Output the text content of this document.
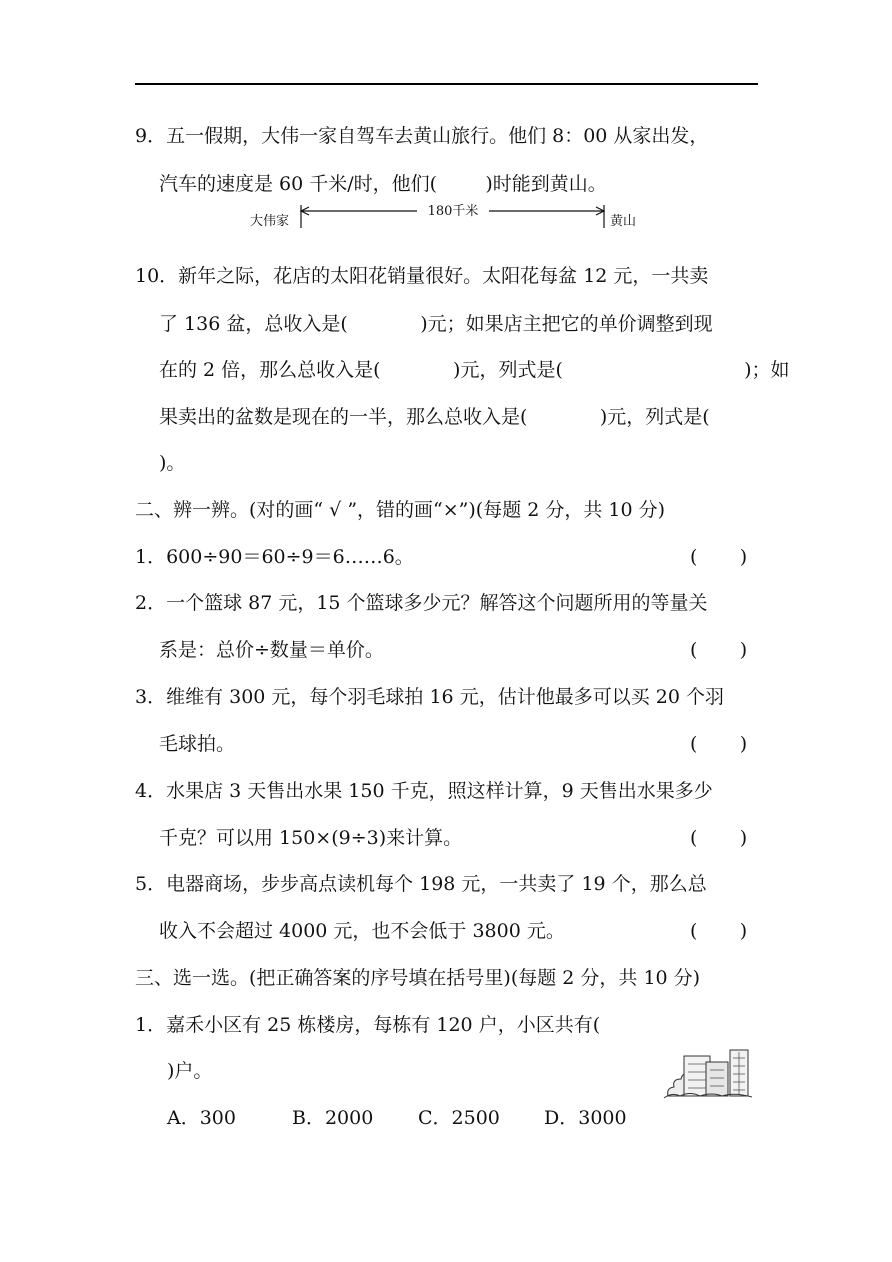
9．五一假期，大伟一家自驾车去黄山旅行。他们 8：00 从家出发，
汽车的速度是 60 千米/时，他们(        )时能到黄山。
大伟家
180千米
黄山
10．新年之际，花店的太阳花销量很好。太阳花每盆 12 元，一共卖
了 136 盆，总收入是(            )元；如果店主把它的单价调整到现
在的 2 倍，那么总收入是(            )元，列式是(                              )；如
果卖出的盆数是现在的一半，那么总收入是(            )元，列式是(
)。
二、辨一辨。(对的画“ √ ”，错的画“×”)(每题 2 分，共 10 分)
1．600÷90＝60÷9＝6……6。	(       )
2．一个篮球 87 元，15 个篮球多少元？解答这个问题所用的等量关
系是：总价÷数量＝单价。	(       )
3．维维有 300 元，每个羽毛球拍 16 元，估计他最多可以买 20 个羽
毛球拍。	(       )
4．水果店 3 天售出水果 150 千克，照这样计算，9 天售出水果多少
千克？可以用 150×(9÷3)来计算。	(       )
5．电器商场，步步高点读机每个 198 元，一共卖了 19 个，那么总
收入不会超过 4000 元，也不会低于 3800 元。	(       )
三、选一选。(把正确答案的序号填在括号里)(每题 2 分，共 10 分)
1．嘉禾小区有 25 栋楼房，每栋有 120 户，小区共有(
)户。
A．300	B．2000 C．2500 D．3000
